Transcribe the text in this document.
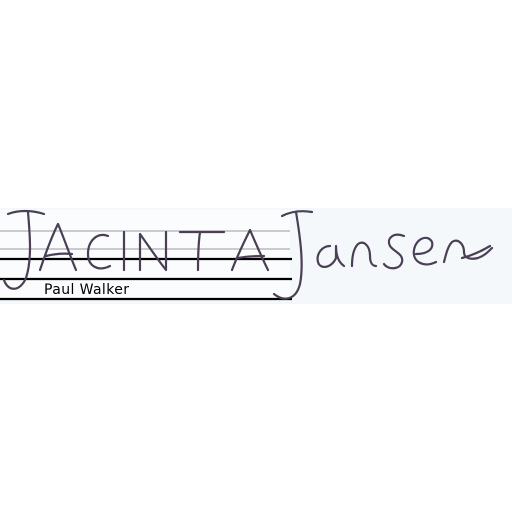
Paul Walker
